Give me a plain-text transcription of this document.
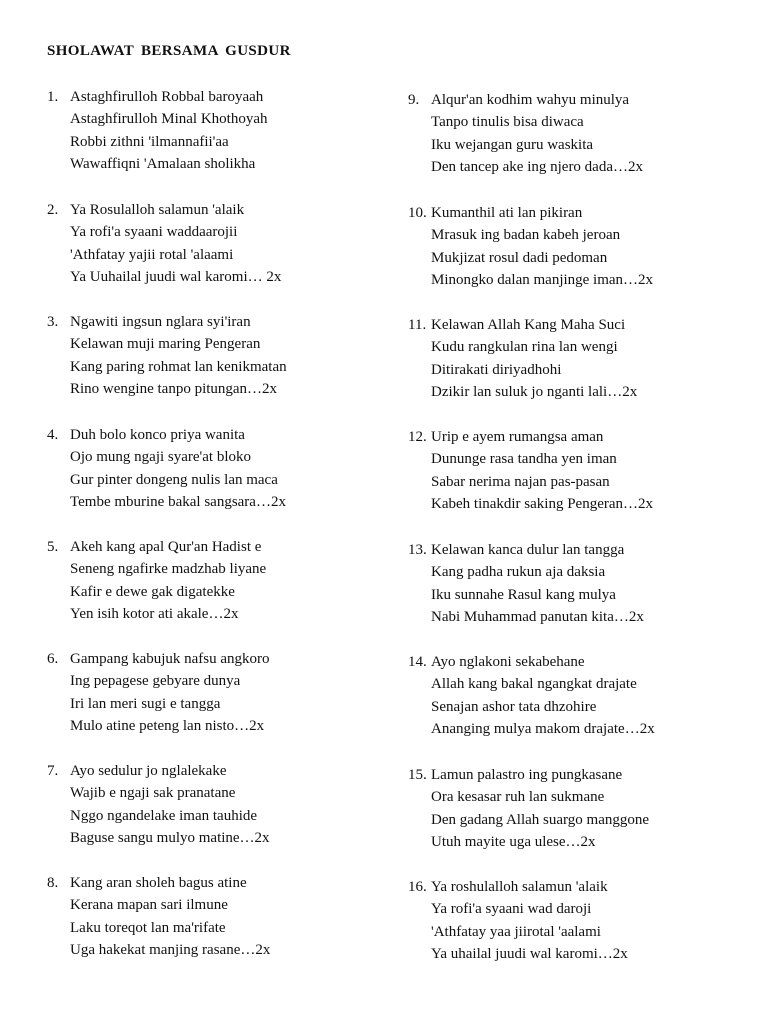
SHOLAWAT BERSAMA GUSDUR
1. Astaghfirulloh Robbal baroyaah
Astaghfirulloh Minal Khothoyah
Robbi zithni 'ilmannafii'aa
Wawaffiqni 'Amalaan sholikha
2. Ya Rosulalloh salamun 'alaik
Ya rofi'a syaani waddaarojii
'Athfatay yajii rotal 'alaami
Ya Uuhailal juudi wal karomi… 2x
3. Ngawiti ingsun nglara syi'iran
Kelawan muji maring Pengeran
Kang paring rohmat lan kenikmatan
Rino wengine tanpo pitungan…2x
4. Duh bolo konco priya wanita
Ojo mung ngaji syare'at bloko
Gur pinter dongeng nulis lan maca
Tembe mburine bakal sangsara…2x
5. Akeh kang apal Qur'an Hadist e
Seneng ngafirke madzhab liyane
Kafir e dewe gak digatekke
Yen isih kotor ati akale…2x
6. Gampang kabujuk nafsu angkoro
Ing pepagese gebyare dunya
Iri lan meri sugi e tangga
Mulo atine peteng lan nisto…2x
7. Ayo sedulur jo nglalekake
Wajib e ngaji sak pranatane
Nggo ngandelake iman tauhide
Baguse sangu mulyo matine…2x
8. Kang aran sholeh bagus atine
Kerana mapan sari ilmune
Laku toreqot lan ma'rifate
Uga hakekat manjing rasane…2x
9. Alqur'an kodhim wahyu minulya
Tanpo tinulis bisa diwaca
Iku wejangan guru waskita
Den tancep ake ing njero dada…2x
10. Kumanthil ati lan pikiran
Mrasuk ing badan kabeh jeroan
Mukjizat rosul dadi pedoman
Minongko dalan manjinge iman…2x
11. Kelawan Allah Kang Maha Suci
Kudu rangkulan rina lan wengi
Ditirakati diriyadhohi
Dzikir lan suluk jo nganti lali…2x
12. Urip e ayem rumangsa aman
Dununge rasa tandha yen iman
Sabar nerima najan pas-pasan
Kabeh tinakdir saking Pengeran…2x
13. Kelawan kanca dulur lan tangga
Kang padha rukun aja daksia
Iku sunnahe Rasul kang mulya
Nabi Muhammad panutan kita…2x
14. Ayo nglakoni sekabehane
Allah kang bakal ngangkat drajate
Senajan ashor tata dhzohire
Ananging mulya makom drajate…2x
15. Lamun palastro ing pungkasane
Ora kesasar ruh lan sukmane
Den gadang Allah suargo manggone
Utuh mayite uga ulese…2x
16. Ya roshulalloh salamun 'alaik
Ya rofi'a syaani wad daroji
'Athfatay yaa jiirotal 'aalami
Ya uhailal juudi wal karomi…2x
